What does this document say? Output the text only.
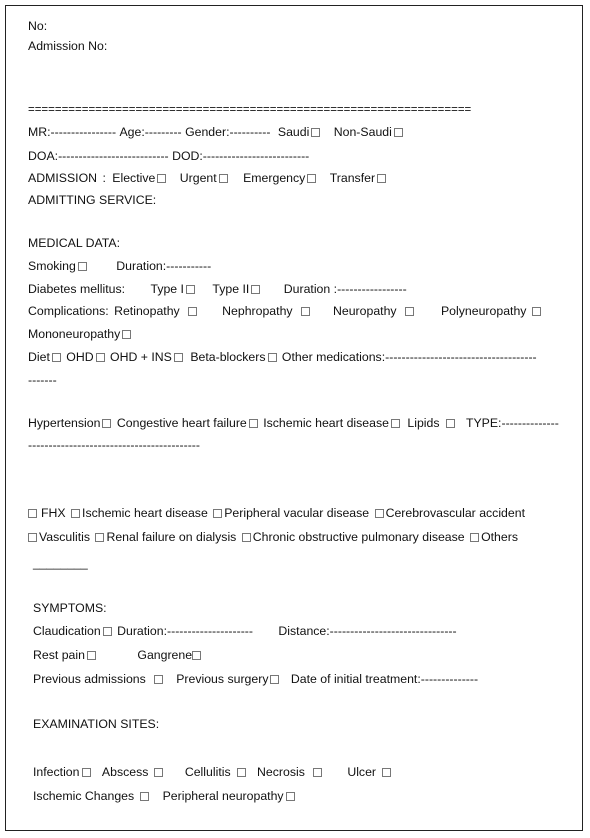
No:
Admission No:
==================================================================
MR:---------------- Age:--------- Gender:---------- Saudi Non-Saudi
DOA:--------------------------- DOD:--------------------------
ADMISSION : Elective Urgent Emergency Transfer
ADMITTING SERVICE:
MEDICAL DATA:
Smoking	Duration:-----------
Diabetes mellitus: Type I Type II	Duration :-----------------
Complications: Retinopathy	Nephropathy	Neuropathy	Polyneuropathy
Mononeuropathy
Diet OHD OHD + INS Beta-blockers Other medications:-------------------------------------
-------
Hypertension Congestive heart failure Ischemic heart disease Lipids TYPE:--------------
------------------------------------------
FHX Ischemic heart disease Peripheral vacular disease Cerebrovascular accident
Vasculitis Renal failure on dialysis Chronic obstructive pulmonary disease Others
________
SYMPTOMS:
Claudication Duration:--------------------- Distance:-------------------------------
Rest pain	Gangrene
Previous admissions Previous surgery Date of initial treatment:--------------
EXAMINATION SITES:
Infection Abscess	Cellulitis Necrosis	Ulcer
Ischemic Changes Peripheral neuropathy
